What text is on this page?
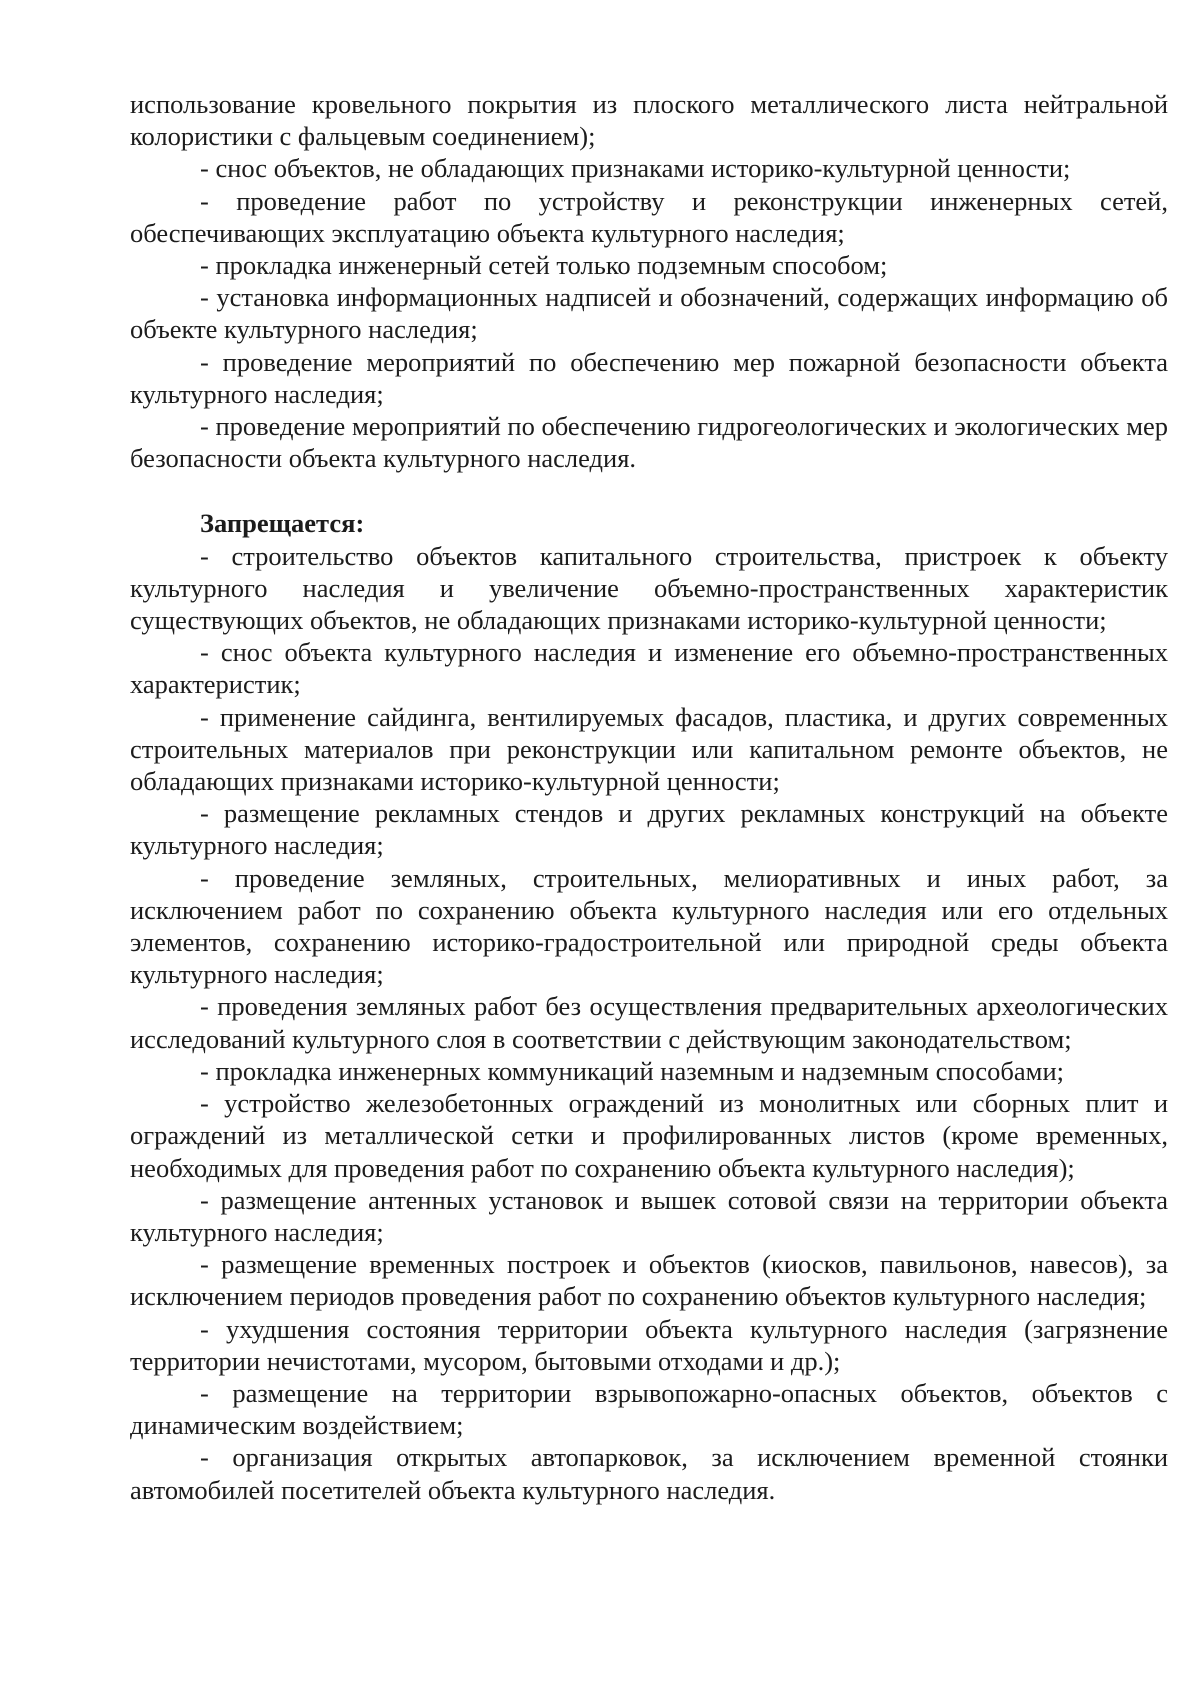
использование кровельного покрытия из плоского металлического листа нейтральной колористики с фальцевым соединением);

- снос объектов, не обладающих признаками историко-культурной ценности;

- проведение работ по устройству и реконструкции инженерных сетей, обеспечивающих эксплуатацию объекта культурного наследия;

- прокладка инженерный сетей только подземным способом;

- установка информационных надписей и обозначений, содержащих информацию об объекте культурного наследия;

- проведение мероприятий по обеспечению мер пожарной безопасности объекта культурного наследия;

- проведение мероприятий по обеспечению гидрогеологических и экологических мер безопасности объекта культурного наследия.

Запрещается:

- строительство объектов капитального строительства, пристроек к объекту культурного наследия и увеличение объемно-пространственных характеристик существующих объектов, не обладающих признаками историко-культурной ценности;

- снос объекта культурного наследия и изменение его объемно-пространственных характеристик;

- применение сайдинга, вентилируемых фасадов, пластика, и других современных строительных материалов при реконструкции или капитальном ремонте объектов, не обладающих признаками историко-культурной ценности;

- размещение рекламных стендов и других рекламных конструкций на объекте культурного наследия;

- проведение земляных, строительных, мелиоративных и иных работ, за исключением работ по сохранению объекта культурного наследия или его отдельных элементов, сохранению историко-градостроительной или природной среды объекта культурного наследия;

- проведения земляных работ без осуществления предварительных археологических исследований культурного слоя в соответствии с действующим законодательством;

- прокладка инженерных коммуникаций наземным и надземным способами;

- устройство железобетонных ограждений из монолитных или сборных плит и ограждений из металлической сетки и профилированных листов (кроме временных, необходимых для проведения работ по сохранению объекта культурного наследия);

- размещение антенных установок и вышек сотовой связи на территории объекта культурного наследия;

- размещение временных построек и объектов (киосков, павильонов, навесов), за исключением периодов проведения работ по сохранению объектов культурного наследия;

- ухудшения состояния территории объекта культурного наследия (загрязнение территории нечистотами, мусором, бытовыми отходами и др.);

- размещение на территории взрывопожарно-опасных объектов, объектов с динамическим воздействием;

- организация открытых автопарковок, за исключением временной стоянки автомобилей посетителей объекта культурного наследия.
